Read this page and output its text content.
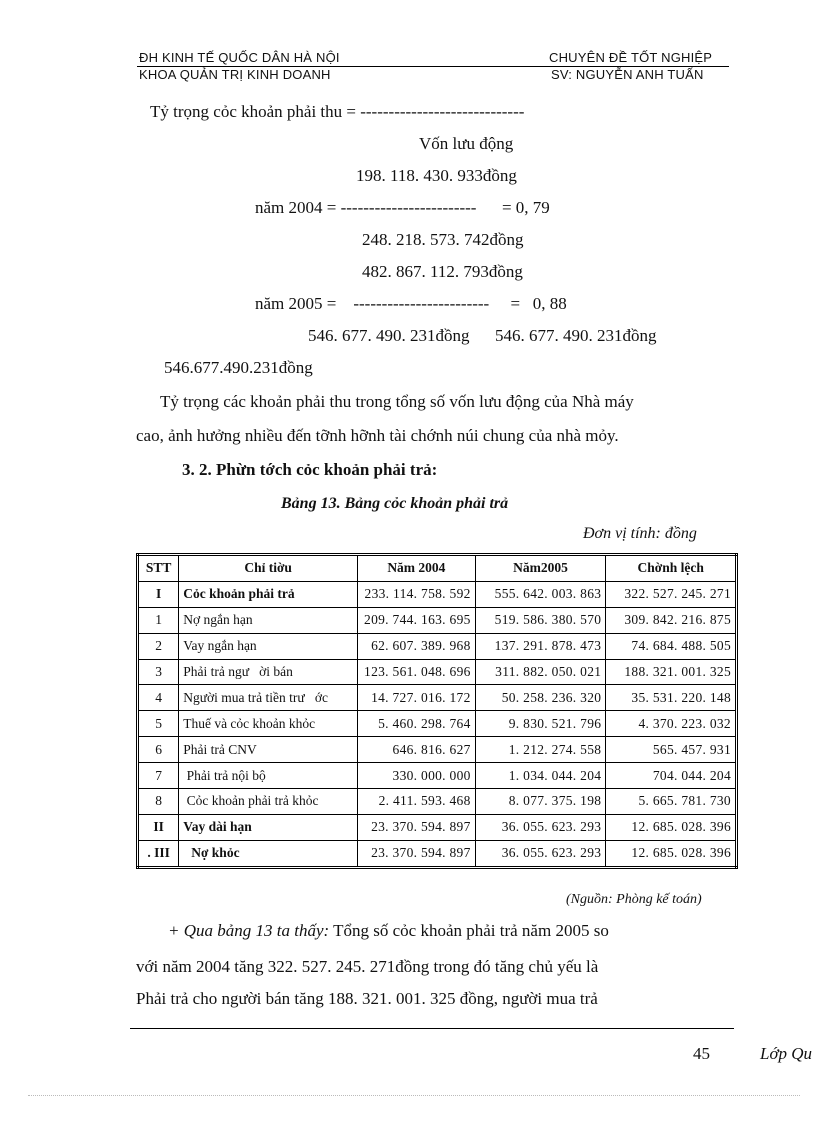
ĐH KINH TẾ QUỐC DÂN HÀ NỘI	CHUYÊN ĐỀ TỐT NGHIỆP
KHOA QUẢN TRỊ KINH DOANH	SV: NGUYỄN ANH TUẤN
Tỷ trọng cỏc khoản phải thu = -----------------------------
Vốn lưu động
198. 118. 430. 933đồng
năm 2004 = ------------------------      = 0, 79
248. 218. 573. 742đồng
482. 867. 112. 793đồng
năm 2005 =    ------------------------     =   0, 88
546. 677. 490. 231đồng      546. 677. 490. 231đồng
546.677.490.231đồng
Tỷ trọng các khoản phải thu trong tổng số vốn lưu động của Nhà máy
cao, ảnh hưởng nhiều đến tỡnh hỡnh tài chớnh núi chung của nhà mỏy.
3. 2. Phừn tớch cỏc khoản phải trả:
Bảng 13. Bảng cỏc khoản phải trả
Đơn vị tính: đồng
STT	Chỉ tiờu	Năm 2004	Năm2005	Chờnh lệch
I	Cỏc khoản phải trả	233. 114. 758. 592	555. 642. 003. 863	322. 527. 245. 271
1	Nợ ngắn hạn	209. 744. 163. 695	519. 586. 380. 570	309. 842. 216. 875
2	Vay ngắn hạn	62. 607. 389. 968	137. 291. 878. 473	74. 684. 488. 505
3	Phải trả ngư   ời bán	123. 561. 048. 696	311. 882. 050. 021	188. 321. 001. 325
4	Người mua trả tiền trư   ớc	14. 727. 016. 172	50. 258. 236. 320	35. 531. 220. 148
5	Thuế và cỏc khoản khỏc	5. 460. 298. 764	9. 830. 521. 796	4. 370. 223. 032
6	Phải trả CNV	646. 816. 627	1. 212. 274. 558	565. 457. 931
7	Phải trả nội bộ	330. 000. 000	1. 034. 044. 204	704. 044. 204
8	Cỏc khoản phải trả khỏc	2. 411. 593. 468	8. 077. 375. 198	5. 665. 781. 730
II	Vay dài hạn	23. 370. 594. 897	36. 055. 623. 293	12. 685. 028. 396
. III	Nợ khỏc	23. 370. 594. 897	36. 055. 623. 293	12. 685. 028. 396
(Nguồn: Phòng kế toán)
+ Qua bảng 13 ta thấy: Tổng số cỏc khoản phải trả năm 2005 so
với năm 2004 tăng 322. 527. 245. 271đồng trong đó tăng chủ yếu là
Phải trả cho người bán tăng 188. 321. 001. 325 đồng, người mua trả
45	Lớp Qu
